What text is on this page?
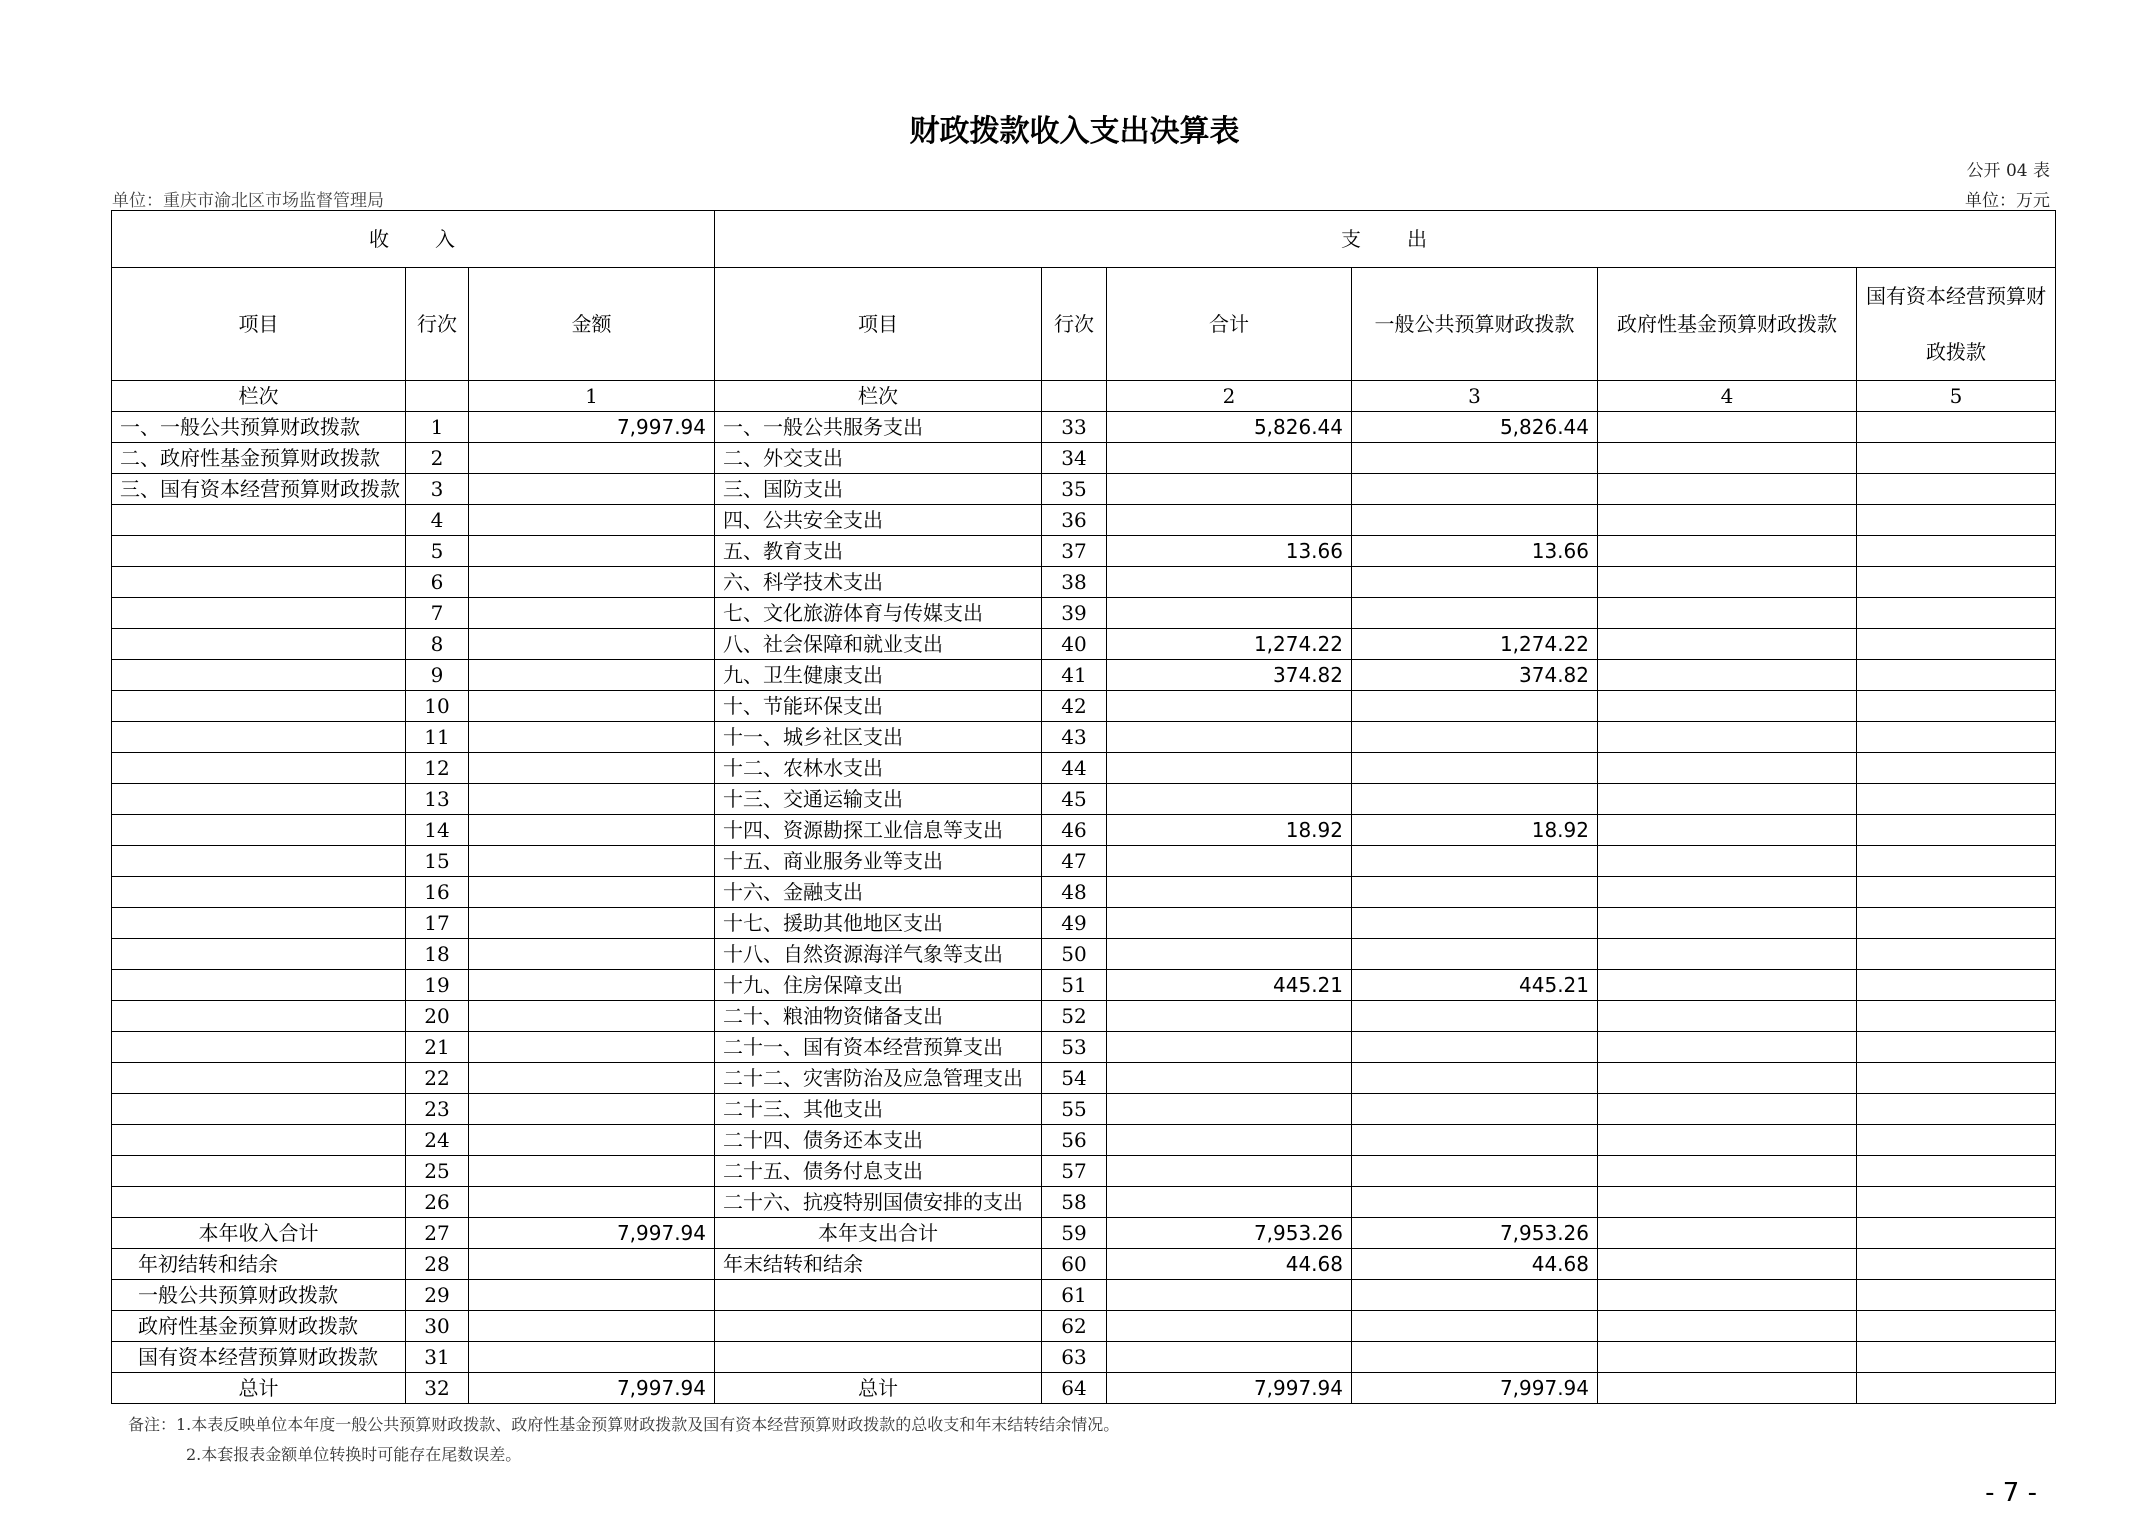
财政拨款收入支出决算表
公开 04 表
单位：重庆市渝北区市场监督管理局	单位：万元
收　　入			支　　出					
项目	行次	金额	项目	行次	合计	一般公共预算财政拨款	政府性基金预算财政拨款	国有资本经营预算财政拨款
栏次		1	栏次		2	3	4	5
一、一般公共预算财政拨款	1	7,997.94	一、一般公共服务支出	33	5,826.44	5,826.44		
二、政府性基金预算财政拨款	2		二、外交支出	34				
三、国有资本经营预算财政拨款	3		三、国防支出	35				
	4		四、公共安全支出	36				
	5		五、教育支出	37	13.66	13.66		
	6		六、科学技术支出	38				
	7		七、文化旅游体育与传媒支出	39				
	8		八、社会保障和就业支出	40	1,274.22	1,274.22		
	9		九、卫生健康支出	41	374.82	374.82		
	10		十、节能环保支出	42				
	11		十一、城乡社区支出	43				
	12		十二、农林水支出	44				
	13		十三、交通运输支出	45				
	14		十四、资源勘探工业信息等支出	46	18.92	18.92		
	15		十五、商业服务业等支出	47				
	16		十六、金融支出	48				
	17		十七、援助其他地区支出	49				
	18		十八、自然资源海洋气象等支出	50				
	19		十九、住房保障支出	51	445.21	445.21		
	20		二十、粮油物资储备支出	52				
	21		二十一、国有资本经营预算支出	53				
	22		二十二、灾害防治及应急管理支出	54				
	23		二十三、其他支出	55				
	24		二十四、债务还本支出	56				
	25		二十五、债务付息支出	57				
	26		二十六、抗疫特别国债安排的支出	58				
本年收入合计	27	7,997.94	本年支出合计	59	7,953.26	7,953.26		
年初结转和结余	28		年末结转和结余	60	44.68	44.68		
一般公共预算财政拨款	29			61				
政府性基金预算财政拨款	30			62				
国有资本经营预算财政拨款	31			63				
总计	32	7,997.94	总计	64	7,997.94	7,997.94		
备注：1.本表反映单位本年度一般公共预算财政拨款、政府性基金预算财政拨款及国有资本经营预算财政拨款的总收支和年末结转结余情况。
2.本套报表金额单位转换时可能存在尾数误差。
- 7 -
